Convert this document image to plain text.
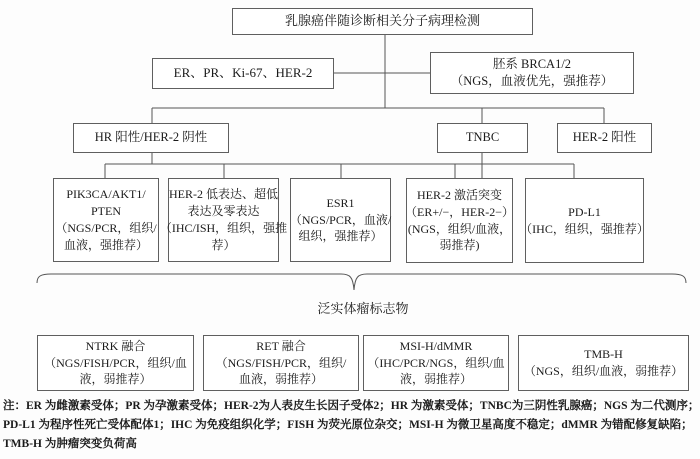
乳腺癌伴随诊断相关分子病理检测
ER、PR、Ki-67、HER-2
胚系 BRCA1/2
（NGS，血液优先，强推荐）
HR 阳性/HER-2 阴性	TNBC	HER-2 阳性
PIK3CA/AKT1/
PTEN
（NGS/PCR，组织/
血液，强推荐）
HER-2 低表达、超低
表达及零表达
（IHC/ISH，组织，强推
荐）
ESR1
（NGS/PCR，血液/
组织，强推荐）
HER-2 激活突变
（ER+/−，HER-2−）
(NGS，组织/血液，
弱推荐)
PD-L1
（IHC，组织，强推荐）
泛实体瘤标志物
NTRK 融合
（NGS/FISH/PCR，组织/血
液，弱推荐）
RET 融合
（NGS/FISH/PCR，组织/
血液，弱推荐）
MSI-H/dMMR
（IHC/PCR/NGS，组织/血
液，弱推荐）
TMB-H
（NGS，组织/血液，弱推荐）
注：ER 为雌激素受体；PR 为孕激素受体；HER-2为人表皮生长因子受体2；HR 为激素受体；TNBC为三阴性乳腺癌；NGS 为二代测序；
PD-L1 为程序性死亡受体配体1；IHC 为免疫组织化学；FISH 为荧光原位杂交；MSI-H 为微卫星高度不稳定；dMMR 为错配修复缺陷；
TMB-H 为肿瘤突变负荷高
